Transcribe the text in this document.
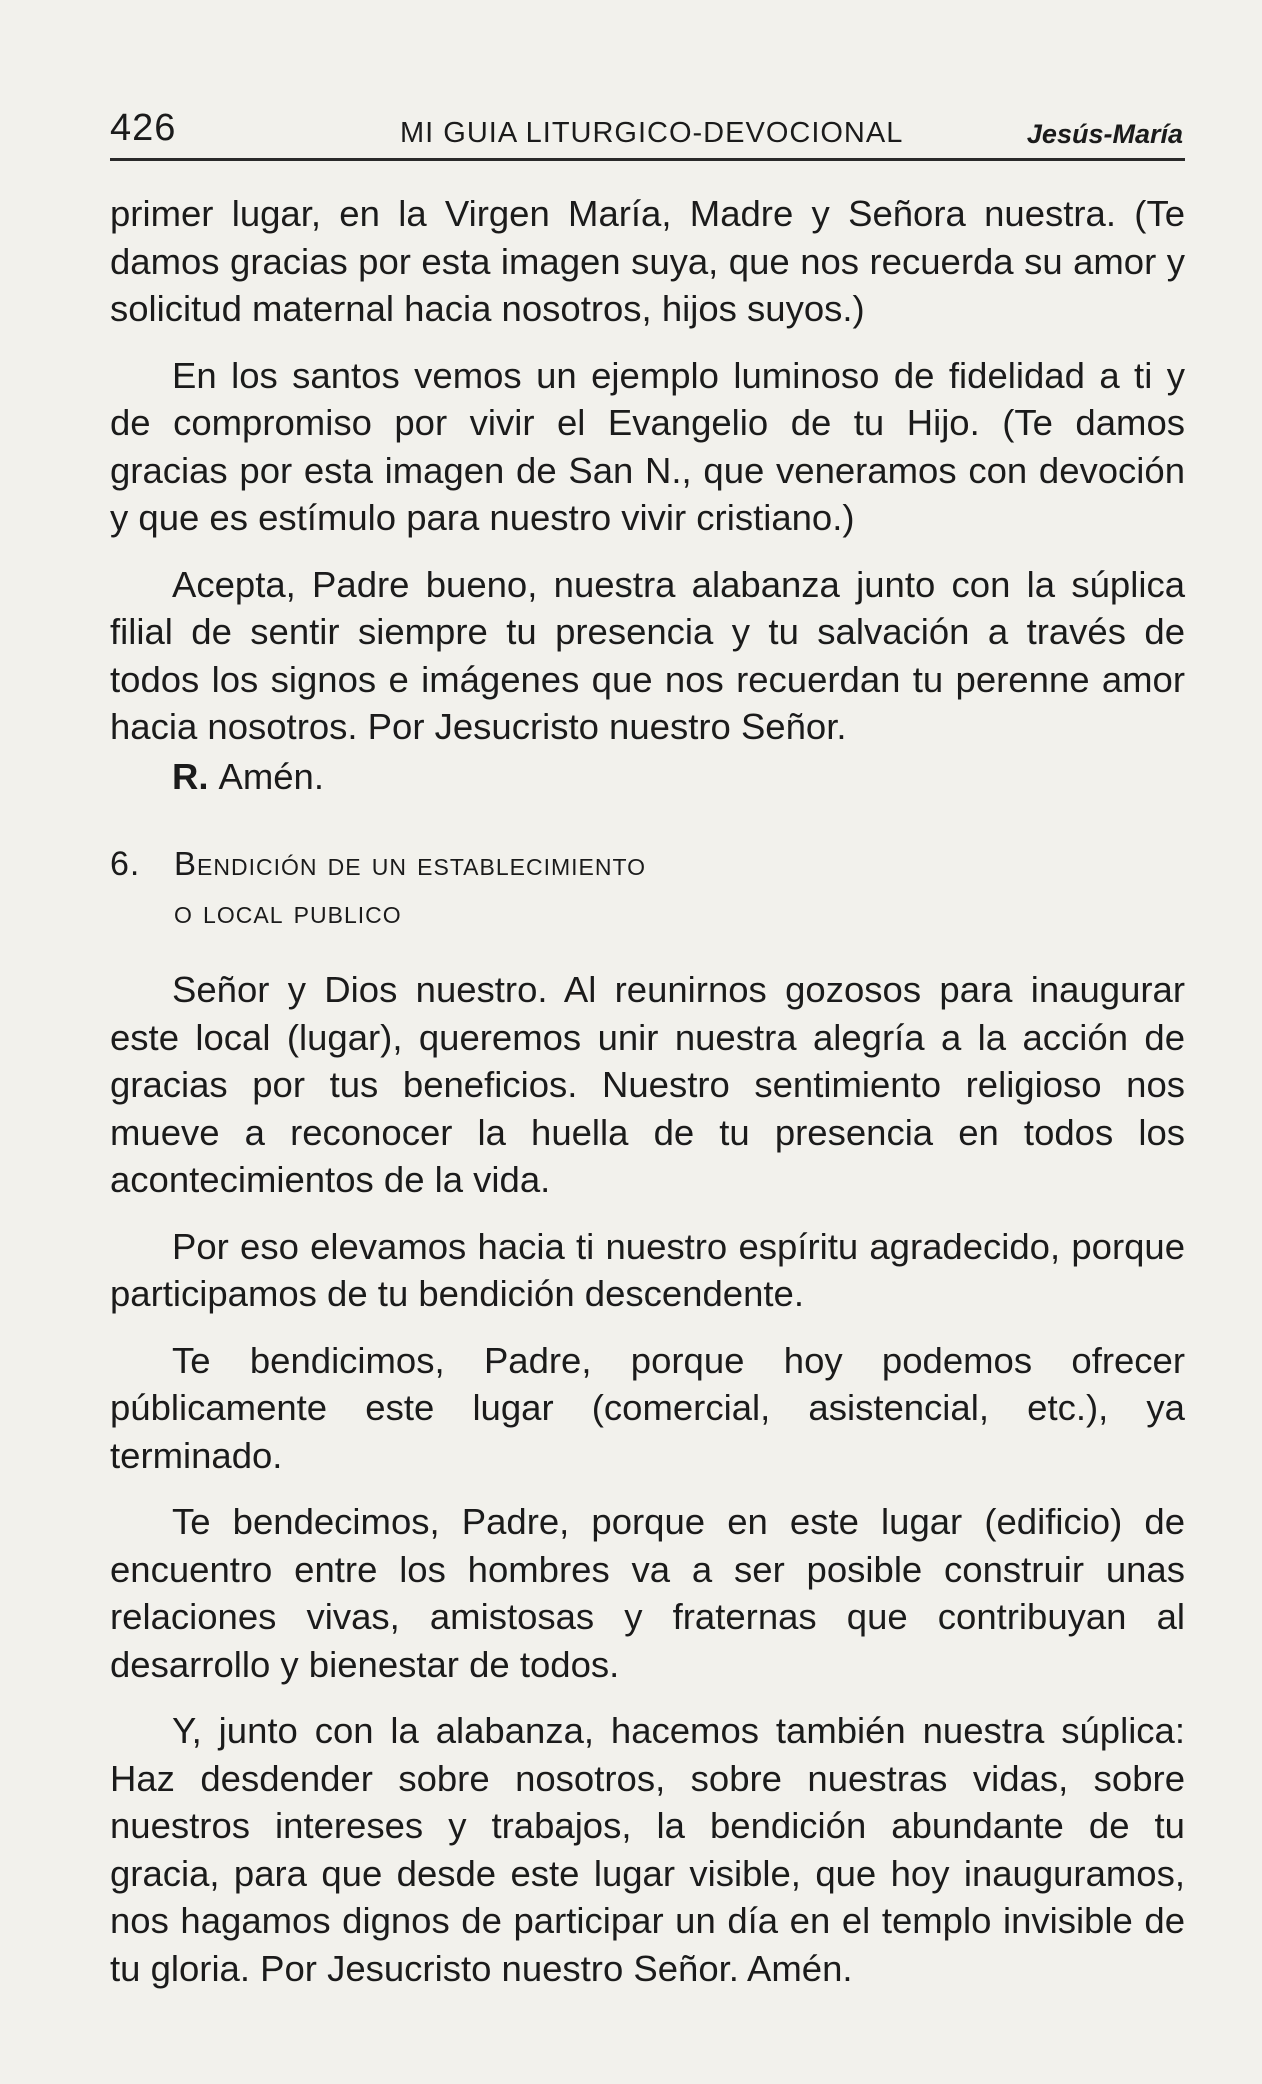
426	MI GUIA LITURGICO-DEVOCIONAL	Jesús-María

primer lugar, en la Virgen María, Madre y Señora nuestra. (Te damos gracias por esta imagen suya, que nos recuerda su amor y solicitud maternal hacia nosotros, hijos suyos.)

En los santos vemos un ejemplo luminoso de fidelidad a ti y de compromiso por vivir el Evangelio de tu Hijo. (Te damos gracias por esta imagen de San N., que veneramos con devoción y que es estímulo para nuestro vivir cristiano.)

Acepta, Padre bueno, nuestra alabanza junto con la súplica filial de sentir siempre tu presencia y tu salvación a través de todos los signos e imágenes que nos recuerdan tu perenne amor hacia nosotros. Por Jesucristo nuestro Señor.

R. Amén.

6.	Bendición de un establecimiento
o local publico

Señor y Dios nuestro. Al reunirnos gozosos para inaugurar este local (lugar), queremos unir nuestra alegría a la acción de gracias por tus beneficios. Nuestro sentimiento religioso nos mueve a reconocer la huella de tu presencia en todos los acontecimientos de la vida.

Por eso elevamos hacia ti nuestro espíritu agradecido, porque participamos de tu bendición descendente.

Te bendicimos, Padre, porque hoy podemos ofrecer públicamente este lugar (comercial, asistencial, etc.), ya terminado.

Te bendecimos, Padre, porque en este lugar (edificio) de encuentro entre los hombres va a ser posible construir unas relaciones vivas, amistosas y fraternas que contribuyan al desarrollo y bienestar de todos.

Y, junto con la alabanza, hacemos también nuestra súplica: Haz desdender sobre nosotros, sobre nuestras vidas, sobre nuestros intereses y trabajos, la bendición abundante de tu gracia, para que desde este lugar visible, que hoy inauguramos, nos hagamos dignos de participar un día en el templo invisible de tu gloria. Por Jesucristo nuestro Señor. Amén.
